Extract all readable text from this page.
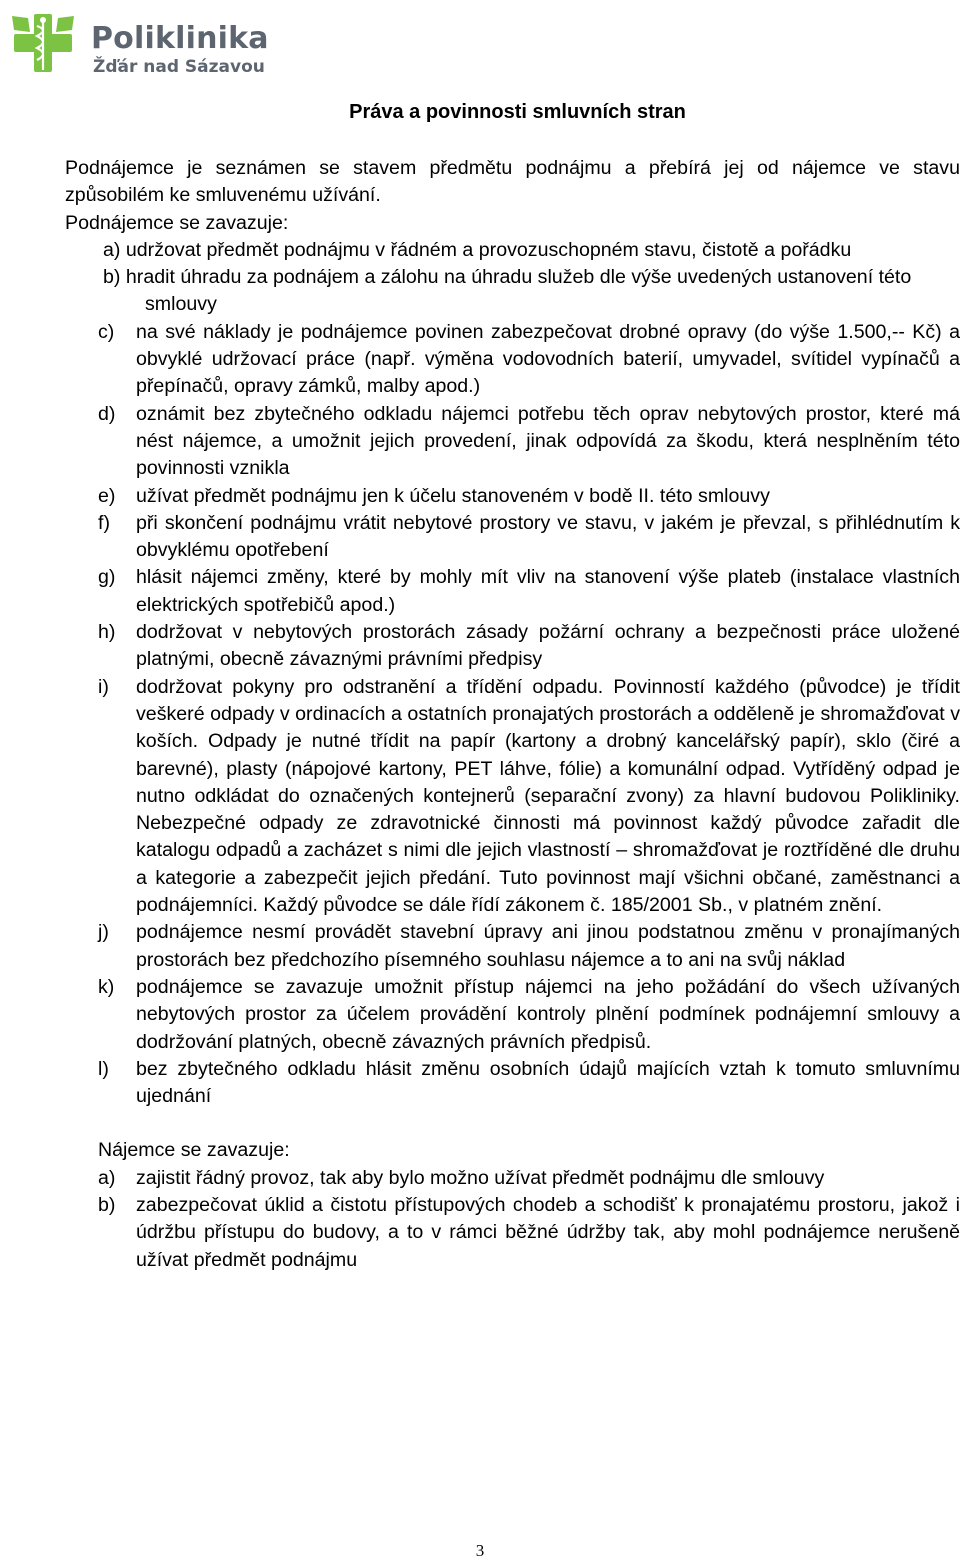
Poliklinika
Žďár nad Sázavou
Práva a povinnosti smluvních stran

Podnájemce je seznámen se stavem předmětu podnájmu a přebírá jej od nájemce ve stavu způsobilém ke smluvenému užívání.

Podnájemce se zavazuje:

a) udržovat předmět podnájmu v řádném a provozuschopném stavu, čistotě a pořádku

b) hradit úhradu za podnájem a zálohu na úhradu služeb dle výše uvedených ustanovení této

smlouvy

c)	na své náklady je podnájemce povinen zabezpečovat drobné opravy (do výše 1.500,-- Kč) a obvyklé udržovací práce (např. výměna vodovodních baterií, umyvadel, svítidel vypínačů a přepínačů, opravy zámků, malby apod.)
d)	oznámit bez zbytečného odkladu nájemci potřebu těch oprav nebytových prostor, které má nést nájemce, a umožnit jejich provedení, jinak odpovídá za škodu, která nesplněním této povinnosti vznikla
e)	užívat předmět podnájmu jen k účelu stanoveném v bodě II. této smlouvy
f)	při skončení podnájmu vrátit nebytové prostory ve stavu, v jakém je převzal, s přihlédnutím k obvyklému opotřebení
g)	hlásit nájemci změny, které by mohly mít vliv na stanovení výše plateb (instalace vlastních elektrických spotřebičů apod.)
h)	dodržovat v nebytových prostorách zásady požární ochrany a bezpečnosti práce uložené platnými, obecně závaznými právními předpisy
i)	dodržovat pokyny pro odstranění a třídění odpadu. Povinností každého (původce) je třídit veškeré odpady v ordinacích a ostatních pronajatých prostorách a odděleně je shromažďovat v koších. Odpady je nutné třídit na papír (kartony a drobný kancelářský papír), sklo (čiré a barevné), plasty (nápojové kartony, PET láhve, fólie) a komunální odpad. Vytříděný odpad je nutno odkládat do označených kontejnerů (separační zvony) za hlavní budovou Polikliniky. Nebezpečné odpady ze zdravotnické činnosti má povinnost každý původce zařadit dle katalogu odpadů a zacházet s nimi dle jejich vlastností – shromažďovat je roztříděné dle druhu a kategorie a zabezpečit jejich předání. Tuto povinnost mají všichni občané, zaměstnanci a podnájemníci. Každý původce se dále řídí zákonem č. 185/2001 Sb., v platném znění.
j)	podnájemce nesmí provádět stavební úpravy ani jinou podstatnou změnu v pronajímaných prostorách bez předchozího písemného souhlasu nájemce a to ani na svůj náklad
k)	podnájemce se zavazuje umožnit přístup nájemci na jeho požádání do všech užívaných nebytových prostor za účelem provádění kontroly plnění podmínek podnájemní smlouvy a dodržování platných, obecně závazných právních předpisů.
l)	bez zbytečného odkladu hlásit změnu osobních údajů majících vztah k tomuto smluvnímu ujednání

Nájemce se zavazuje:

a)	zajistit řádný provoz, tak aby bylo možno užívat předmět podnájmu dle smlouvy
b)	zabezpečovat úklid a čistotu přístupových chodeb a schodišť k pronajatému prostoru, jakož i údržbu přístupu do budovy, a to v rámci běžné údržby tak, aby mohl podnájemce nerušeně užívat předmět podnájmu
3
